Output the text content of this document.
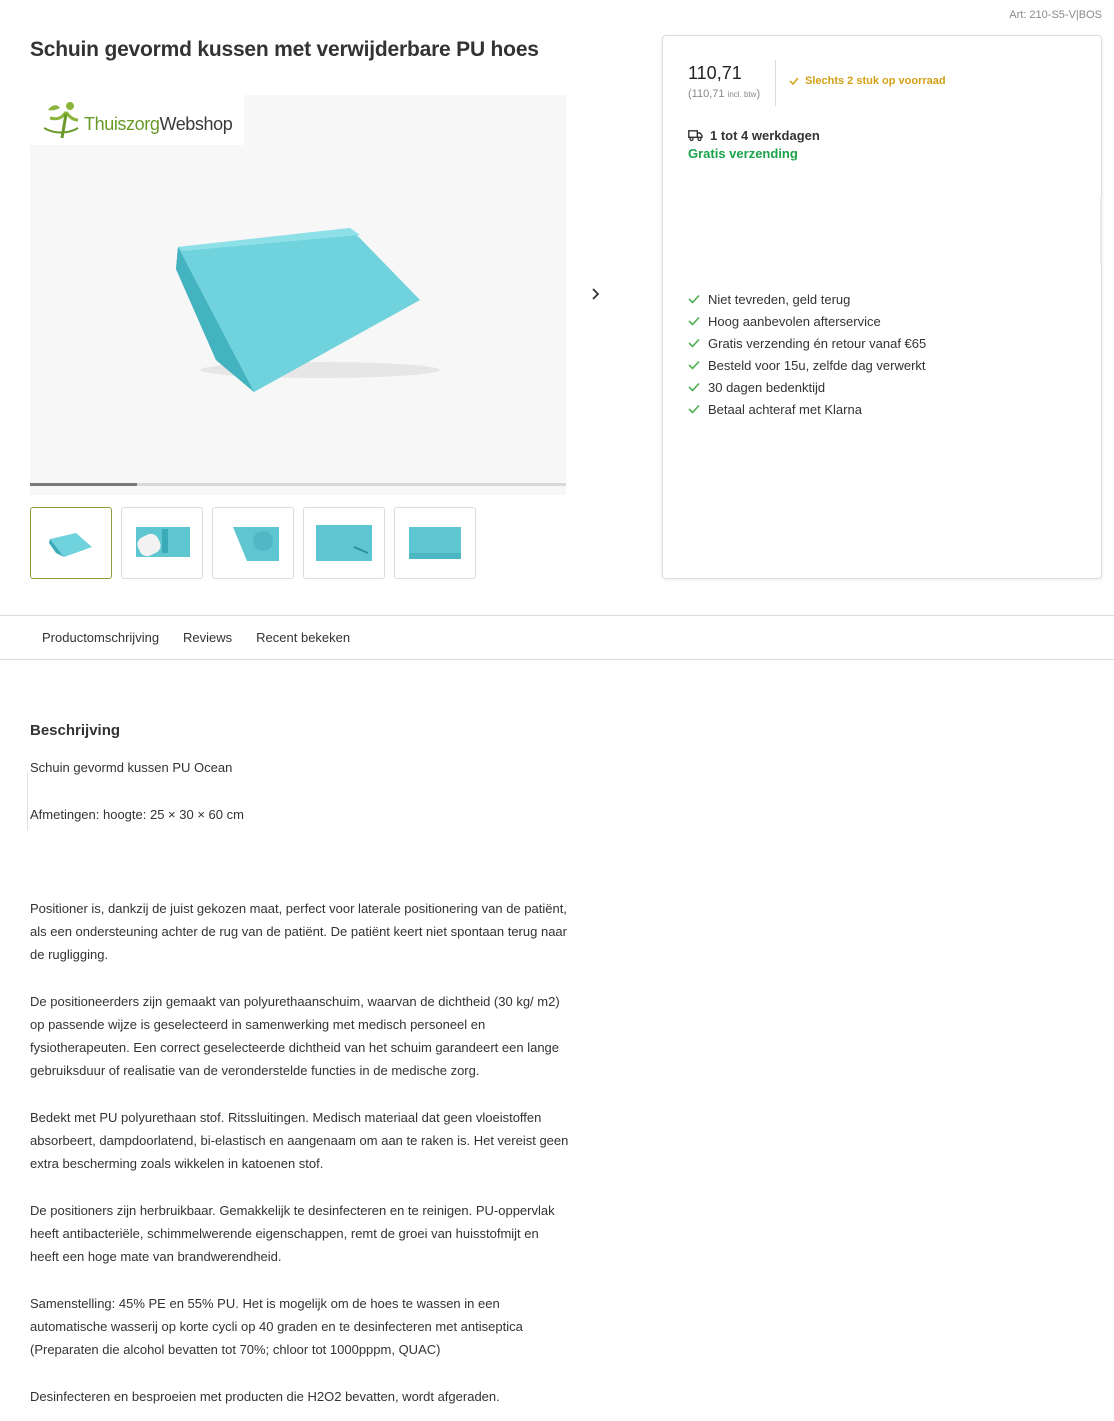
Art: 210-S5-V|BOS
Schuin gevormd kussen met verwijderbare PU hoes
ThuiszorgWebshop
110,71
(110,71 incl. btw)
Slechts 2 stuk op voorraad
1 tot 4 werkdagen
Gratis verzending
Niet tevreden, geld terug
Hoog aanbevolen afterservice
Gratis verzending én retour vanaf €65
Besteld voor 15u, zelfde dag verwerkt
30 dagen bedenktijd
Betaal achteraf met Klarna
Productomschrijving	Reviews	Recent bekeken
Beschrijving

Schuin gevormd kussen PU Ocean

Afmetingen: hoogte: 25 × 30 × 60 cm

Positioner is, dankzij de juist gekozen maat, perfect voor laterale positionering van de patiënt, als een ondersteuning achter de rug van de patiënt. De patiënt keert niet spontaan terug naar de rugligging.

De positioneerders zijn gemaakt van polyurethaanschuim, waarvan de dichtheid (30 kg/ m2) op passende wijze is geselecteerd in samenwerking met medisch personeel en fysiotherapeuten. Een correct geselecteerde dichtheid van het schuim garandeert een lange gebruiksduur of realisatie van de veronderstelde functies in de medische zorg.

Bedekt met PU polyurethaan stof. Ritssluitingen. Medisch materiaal dat geen vloeistoffen absorbeert, dampdoorlatend, bi-elastisch en aangenaam om aan te raken is. Het vereist geen extra bescherming zoals wikkelen in katoenen stof.

De positioners zijn herbruikbaar. Gemakkelijk te desinfecteren en te reinigen. PU-oppervlak heeft antibacteriële, schimmelwerende eigenschappen, remt de groei van huisstofmijt en heeft een hoge mate van brandwerendheid.

Samenstelling: 45% PE en 55% PU. Het is mogelijk om de hoes te wassen in een automatische wasserij op korte cycli op 40 graden en te desinfecteren met antiseptica (Preparaten die alcohol bevatten tot 70%; chloor tot 1000pppm, QUAC)

Desinfecteren en besproeien met producten die H2O2 bevatten, wordt afgeraden.
